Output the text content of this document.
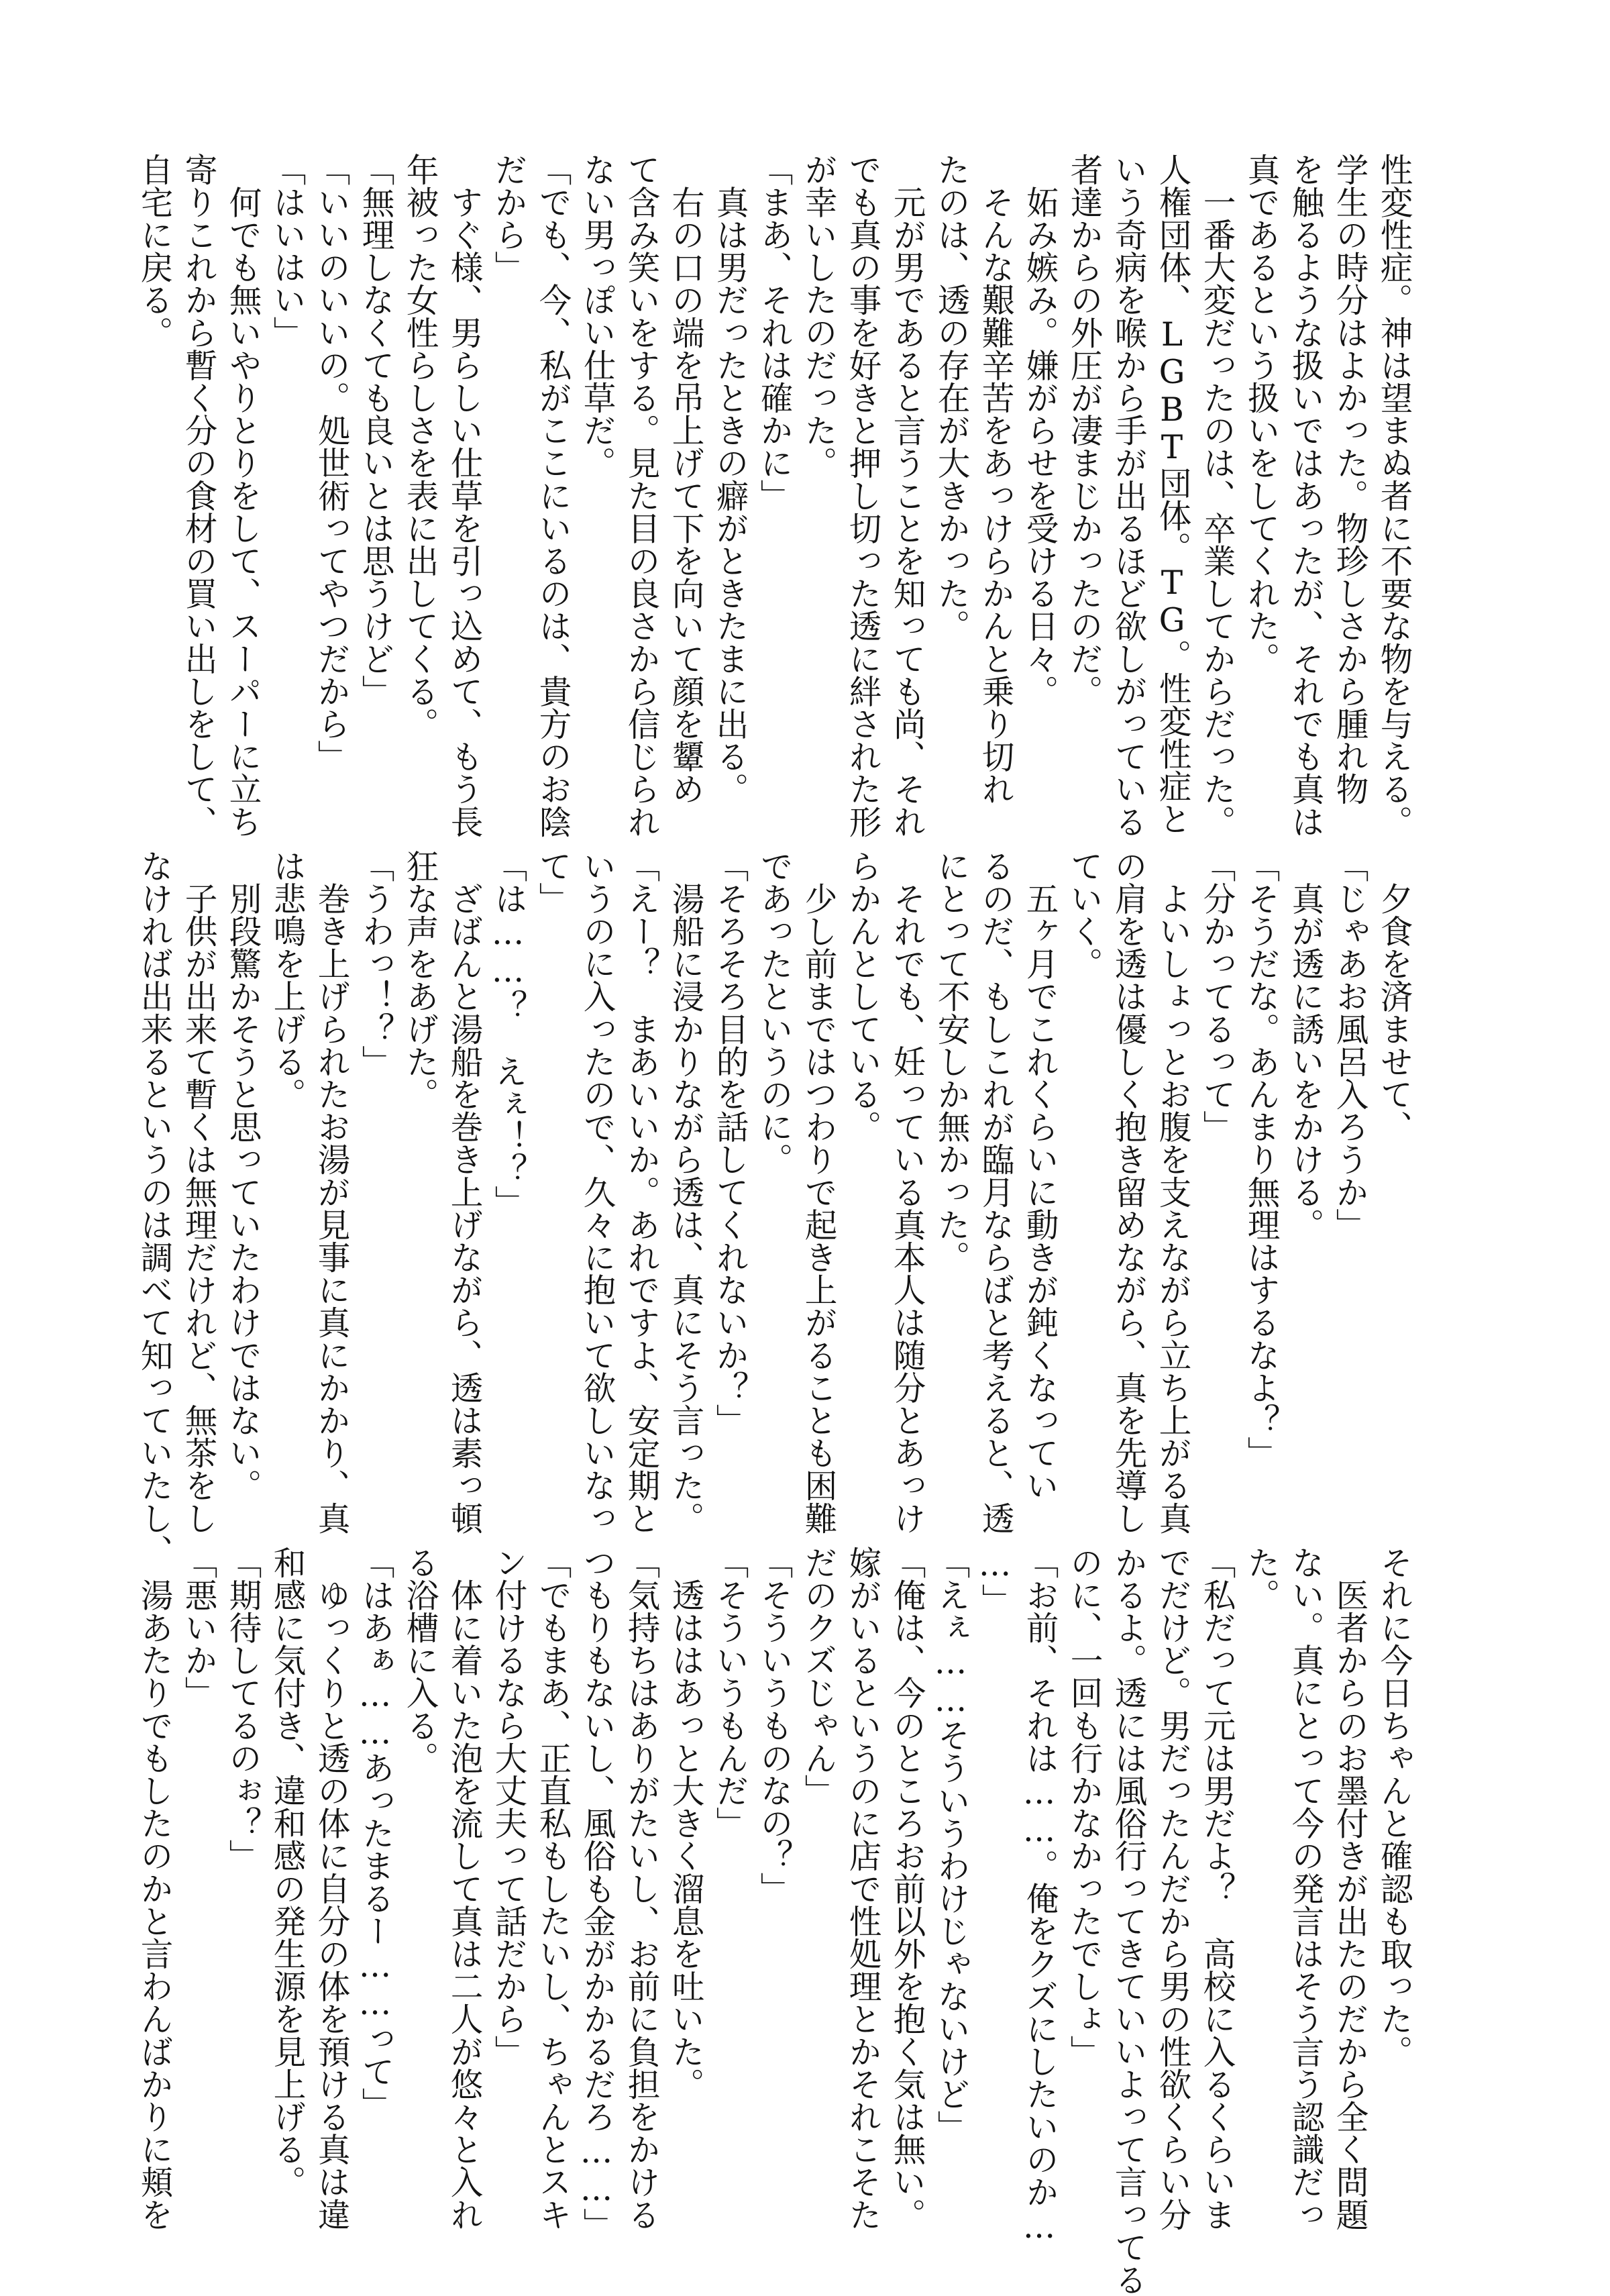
性変性症。神は望まぬ者に不要な物を与える。

学生の時分はよかった。物珍しさから腫れ物

を触るような扱いではあったが、それでも真は

真であるという扱いをしてくれた。

　一番大変だったのは、卒業してからだった。

人権団体、LGBT団体。TG。性変性症と

いう奇病を喉から手が出るほど欲しがっている

者達からの外圧が凄まじかったのだ。

　妬み嫉み。嫌がらせを受ける日々。

　そんな艱難辛苦をあっけらかんと乗り切れ

たのは、透の存在が大きかった。

　元が男であると言うことを知っても尚、それ

でも真の事を好きと押し切った透に絆された形

が幸いしたのだった。

「まあ、それは確かに」

　真は男だったときの癖がときたまに出る。

　右の口の端を吊上げて下を向いて顔を顰め

て含み笑いをする。見た目の良さから信じられ

ない男っぽい仕草だ。

「でも、今、私がここにいるのは、貴方のお陰

だから」

　すぐ様、男らしい仕草を引っ込めて、もう長

年被った女性らしさを表に出してくる。

「無理しなくても良いとは思うけど」

「いいのいいの。処世術ってやつだから」

「はいはい」

　何でも無いやりとりをして、スーパーに立ち

寄りこれから暫く分の食材の買い出しをして、

自宅に戻る。

　夕食を済ませて、

「じゃあお風呂入ろうか」

　真が透に誘いをかける。

「そうだな。あんまり無理はするなよ？」

「分かってるって」

　よいしょっとお腹を支えながら立ち上がる真

の肩を透は優しく抱き留めながら、真を先導し

ていく。

　五ヶ月でこれくらいに動きが鈍くなってい

るのだ、もしこれが臨月ならばと考えると、透

にとって不安しか無かった。

　それでも、妊っている真本人は随分とあっけ

らかんとしている。

　少し前まではつわりで起き上がることも困難

であったというのに。

「そろそろ目的を話してくれないか？」

　湯船に浸かりながら透は、真にそう言った。

「えー？　まあいいか。あれですよ、安定期と

いうのに入ったので、久々に抱いて欲しいなっ

て」

「は……？　えぇ！？」

　ざばんと湯船を巻き上げながら、透は素っ頓

狂な声をあげた。

「うわっ！？」

　巻き上げられたお湯が見事に真にかかり、真

は悲鳴を上げる。

　別段驚かそうと思っていたわけではない。

　子供が出来て暫くは無理だけれど、無茶をし

なければ出来るというのは調べて知っていたし、

それに今日ちゃんと確認も取った。

　医者からのお墨付きが出たのだから全く問題

ない。真にとって今の発言はそう言う認識だっ

た。

「私だって元は男だよ？　高校に入るくらいま

でだけど。男だったんだから男の性欲くらい分

かるよ。透には風俗行ってきていいよって言ってる

のに、一回も行かなかったでしょ」

「お前、それは……。俺をクズにしたいのか…

…」

「えぇ……そういうわけじゃないけど」

「俺は、今のところお前以外を抱く気は無い。

嫁がいるというのに店で性処理とかそれこそた

だのクズじゃん」

「そういうものなの？」

「そういうもんだ」

　透ははあっと大きく溜息を吐いた。

「気持ちはありがたいし、お前に負担をかける

つもりもないし、風俗も金がかかるだろ……」

「でもまあ、正直私もしたいし、ちゃんとスキ

ン付けるなら大丈夫って話だから」

　体に着いた泡を流して真は二人が悠々と入れ

る浴槽に入る。

「はあぁ……あったまるー……って」

　ゆっくりと透の体に自分の体を預ける真は違

和感に気付き、違和感の発生源を見上げる。

「期待してるのぉ？」

「悪いか」

　湯あたりでもしたのかと言わんばかりに頬を
